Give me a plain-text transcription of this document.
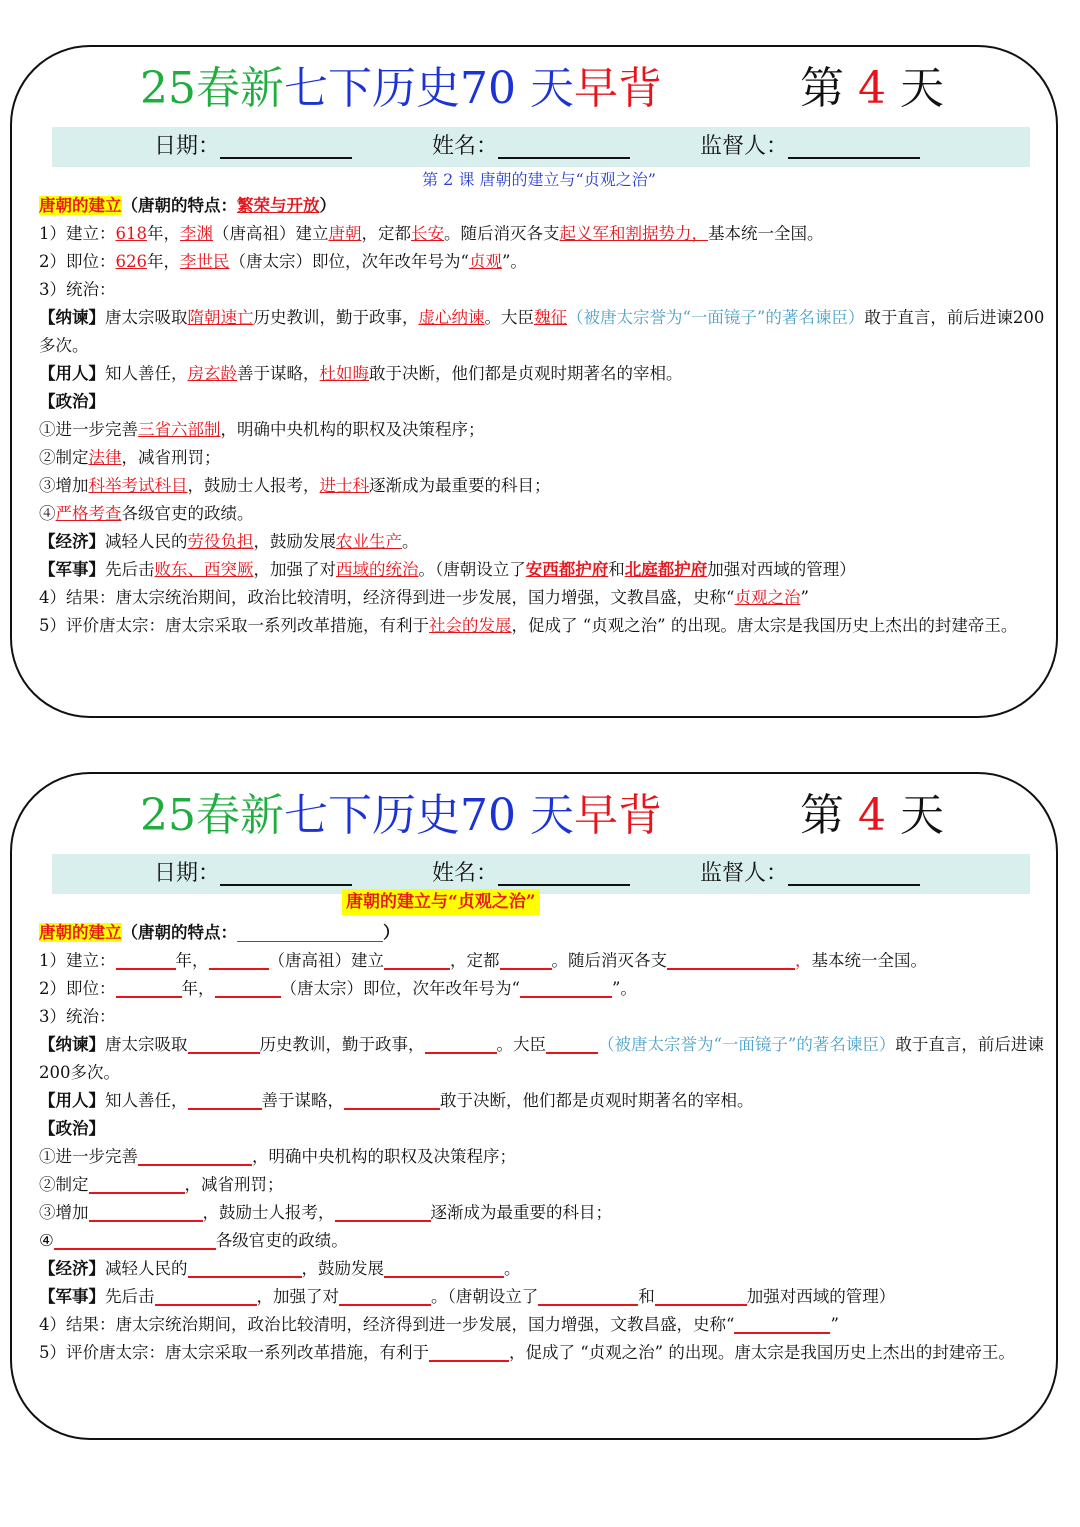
25春新七下历史70 天早背	第 4 天
日期：	姓名：	监督人：
第 2 课 唐朝的建立与“贞观之治”
唐朝的建立（唐朝的特点：繁荣与开放）
1）建立：618年，李渊（唐高祖）建立唐朝，定都长安。随后消灭各支起义军和割据势力，基本统一全国。
2）即位：626年，李世民（唐太宗）即位，次年改年号为“贞观”。
3）统治：
【纳谏】唐太宗吸取隋朝速亡历史教训，勤于政事，虚心纳谏。大臣魏征（被唐太宗誉为“一面镜子”的著名谏臣）敢于直言，前后进谏200多次。
【用人】知人善任，房玄龄善于谋略，杜如晦敢于决断，他们都是贞观时期著名的宰相。
【政治】
①进一步完善三省六部制，明确中央机构的职权及决策程序；
②制定法律，减省刑罚；
③增加科举考试科目，鼓励士人报考，进士科逐渐成为最重要的科目；
④严格考查各级官吏的政绩。
【经济】减轻人民的劳役负担，鼓励发展农业生产。
【军事】先后击败东、西突厥，加强了对西域的统治。（唐朝设立了安西都护府和北庭都护府加强对西域的管理）
4）结果：唐太宗统治期间，政治比较清明，经济得到进一步发展，国力增强，文教昌盛，史称“贞观之治”
5）评价唐太宗：唐太宗采取一系列改革措施，有利于社会的发展，促成了 “贞观之治” 的出现。唐太宗是我国历史上杰出的封建帝王。
25春新七下历史70 天早背	第 4 天
日期：	姓名：	监督人：
唐朝的建立与“贞观之治”
唐朝的建立（唐朝的特点：	）
1）建立：	年，	（唐高祖）建立	，定都	。随后消灭各支	，基本统一全国。
2）即位：	年，	（唐太宗）即位，次年改年号为“	”。
3）统治：
【纳谏】唐太宗吸取	历史教训，勤于政事，	。大臣	（被唐太宗誉为“一面镜子”的著名谏臣）敢于直言，前后进谏200多次。
【用人】知人善任，	善于谋略，	敢于决断，他们都是贞观时期著名的宰相。
【政治】
①进一步完善	，明确中央机构的职权及决策程序；
②制定	，减省刑罚；
③增加	，鼓励士人报考，	逐渐成为最重要的科目；
④	各级官吏的政绩。
【经济】减轻人民的	，鼓励发展	。
【军事】先后击	，加强了对	。（唐朝设立了	和	加强对西域的管理）
4）结果：唐太宗统治期间，政治比较清明，经济得到进一步发展，国力增强，文教昌盛，史称“	”
5）评价唐太宗：唐太宗采取一系列改革措施，有利于	，促成了 “贞观之治” 的出现。唐太宗是我国历史上杰出的封建帝王。
